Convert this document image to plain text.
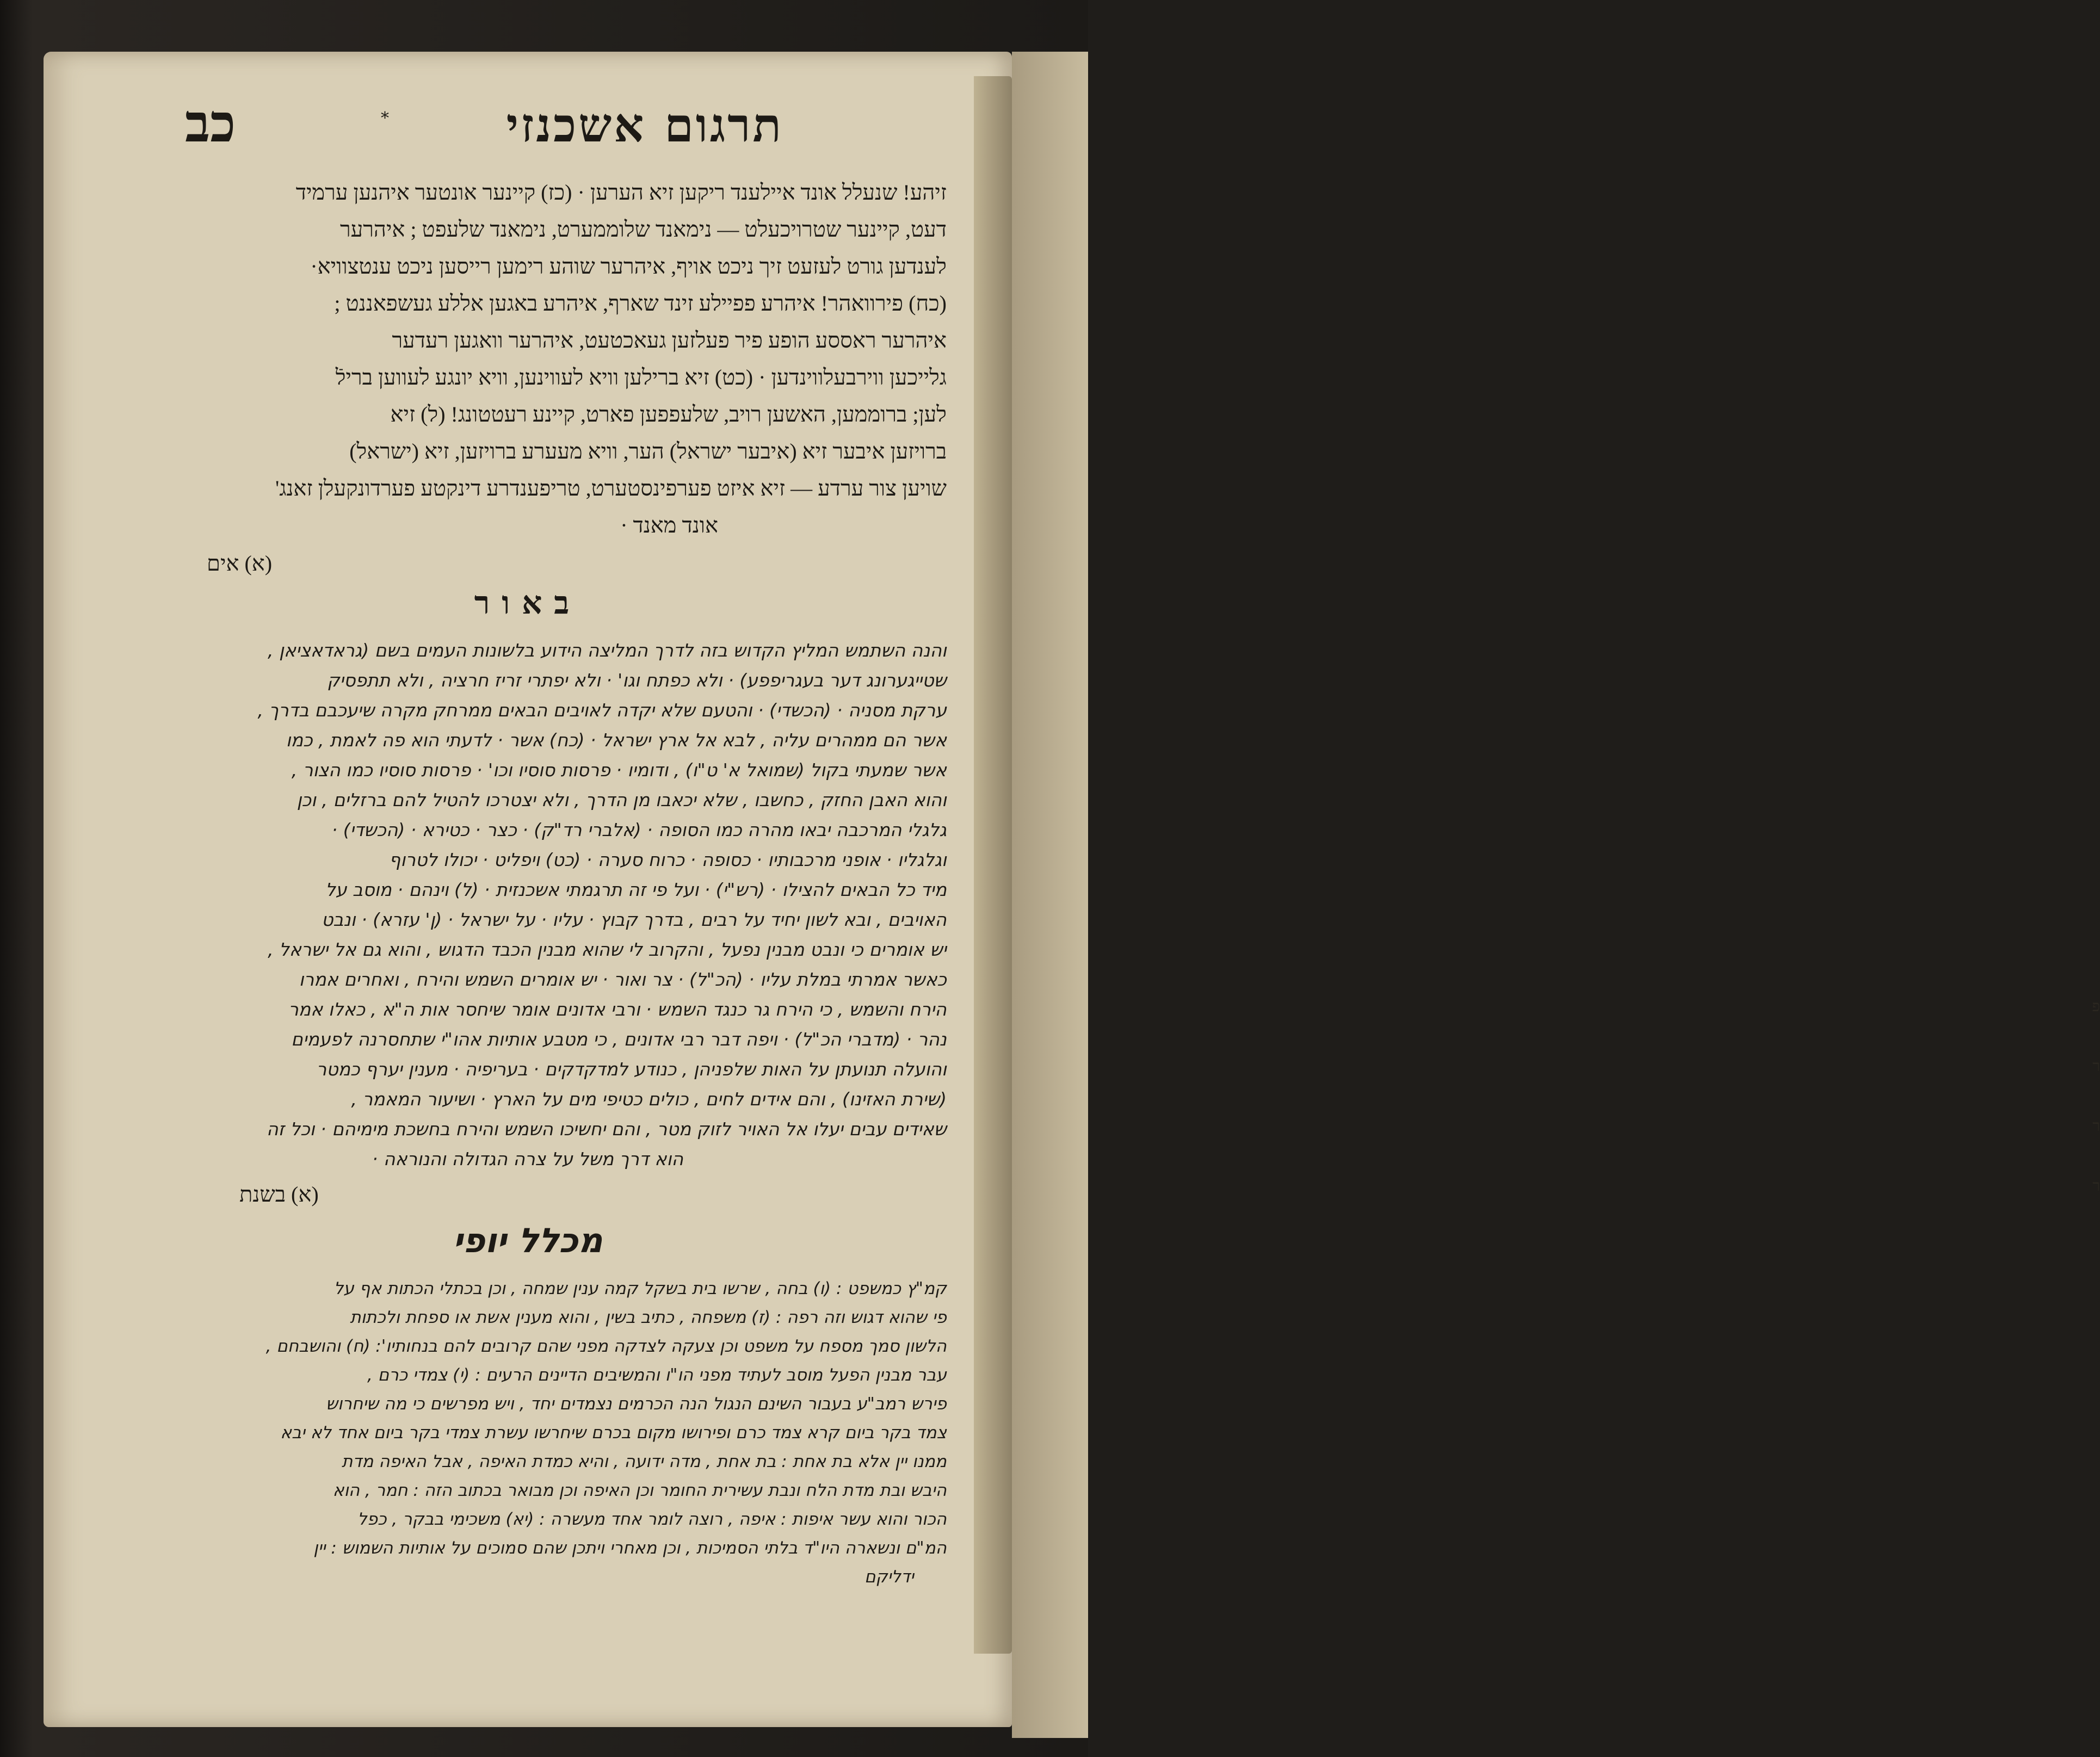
פ
ר
ר
ר
תרגום אשכנזי
*
כב
זיהע! שנעלל אונד איילענד ריקען זיא הערען · (כז) קיינער אונטער איהנען ערמיד
דעט, קיינער שטרויכעלט — נימאנד שלוממערט, נימאנד שלעפט ; איהרער
לענדען גורט לעזעט זיך ניכט אויף, איהרער שוהע רימען רייסען ניכט ענטצוויא·
(כח) פירוואהר! איהרע פפיילע זינד שארף, איהרע באגען אללע געשפאננט ;
איהרער ראססע הופע פיר פעלזען געאכטעט, איהרער וואגען רעדער
גלייכען ווירבעלווינדען · (כט) זיא ברילען וויא לעווינען, וויא יונגע לעווען ברילֿ
לען; ברוממען, האשען רויב, שלעפפען פארט, קיינע רעטטונג! (ל) זיא
ברויזען איבער זיא (איבער ישראל) הער, וויא מעערע ברויזען, זיא (ישראל)
שויען צור ערדע — זיא איזט פערפינסטערט, טריפענדרע דינקטע פערדונקעלן זאנג'
אונד מאנד ·
(א) אים
באור
והנה השתמש המליץ הקדוש בזה לדרך המליצה הידוע בלשונות העמים בשם (גראדאציאן ,
שטייגערונג דער בעגריפפע) · ולא כפתח וגו' · ולא יפתרי זריז חרציה , ולא תתפסיק
ערקת מסניה · (הכשדי) · והטעם שלא יקדה לאויבים הבאים ממרחק מקרה שיעכבם בדרך ,
אשר הם ממהרים עליה , לבא אל ארץ ישראל · (כח) אשר · לדעתי הוא פה לאמת , כמו
אשר שמעתי בקול (שמואל א' ט"ו) , ודומיו · פרסות סוסיו וכו' · פרסות סוסיו כמו הצור ,
והוא האבן החזק , כחשבו , שלא יכאבו מן הדרך , ולא יצטרכו להטיל להם ברזלים , וכן
גלגלי המרכבה יבאו מהרה כמו הסופה · (אלברי רד"ק) · כצר · כטירא · (הכשדי) ·
וגלגליו · אופני מרכבותיו · כסופה · כרוח סערה · (כט) ויפליט · יכולו לטרוף
מיד כל הבאים להצילו · (רש"י) · ועל פי זה תרגמתי אשכנזית · (ל) וינהם · מוסב על
האויבים , ובא לשון יחיד על רבים , בדרך קבוץ · עליו · על ישראל · (ן' עזרא) · ונבט
יש אומרים כי ונבט מבנין נפעל , והקרוב לי שהוא מבנין הכבד הדגוש , והוא גם אל ישראל ,
כאשר אמרתי במלת עליו · (הכ"ל) · צר ואור · יש אומרים השמש והירח , ואחרים אמרו
הירח והשמש , כי הירח גר כנגד השמש · ורבי אדונים אומר שיחסר אות ה"א , כאלו אמר
נהר · (מדברי הכ"ל) · ויפה דבר רבי אדונים , כי מטבע אותיות אהו"י שתחסרנה לפעמים
והועלה תנועתן על האות שלפניהן , כנודע למדקדקים · בעריפיה · מענין יערף כמטר
(שירת האזינו) , והם אידים לחים , כולים כטיפי מים על הארץ · ושיעור המאמר ,
שאידים עבים יעלו אל האויר לזוק מטר , והם יחשיכו השמש והירח בחשכת מימיהם · וכל זה
הוא דרך משל על צרה הגדולה והנוראה ·
(א) בשנת
מכלל יופי
קמ"ץ כמשפט : (ו) בחה , שרשו בית בשקל קמה ענין שמחה , וכן בכתלי הכתות אף על
פי שהוא דגוש וזה רפה : (ז) משפחה , כתיב בשין , והוא מענין אשת או ספחת ולכתות
הלשון סמך מספח על משפט וכן צעקה לצדקה מפני שהם קרובים להם בנחותיו': (ח) והושבחם ,
עבר מבנין הפעל מוסב לעתיד מפני הו"ו והמשיבים הדיינים הרעים : (י) צמדי כרם ,
פירש רמב"ע בעבור השינם הנגול הנה הכרמים נצמדים יחד , ויש מפרשים כי מה שיחרוש
צמד בקר ביום קרא צמד כרם ופירושו מקום בכרם שיחרשו עשרת צמדי בקר ביום אחד לא יבא
ממנו יין אלא בת אחת : בת אחת , מדה ידועה , והיא כמדת האיפה , אבל האיפה מדת
היבש ובת מדת הלח ונבת עשירית החומר וכן האיפה וכן מבואר בכתוב הזה : חמר , הוא
הכור והוא עשר איפות : איפה , רוצה לומר אחד מעשרה : (יא) משכימי בבקר , כפל
המ"ם ונשארה היו"ד בלתי הסמיכות , וכן מאחרי ויתכן שהם סמוכים על אותיות השמוש : יין
ידליקם
